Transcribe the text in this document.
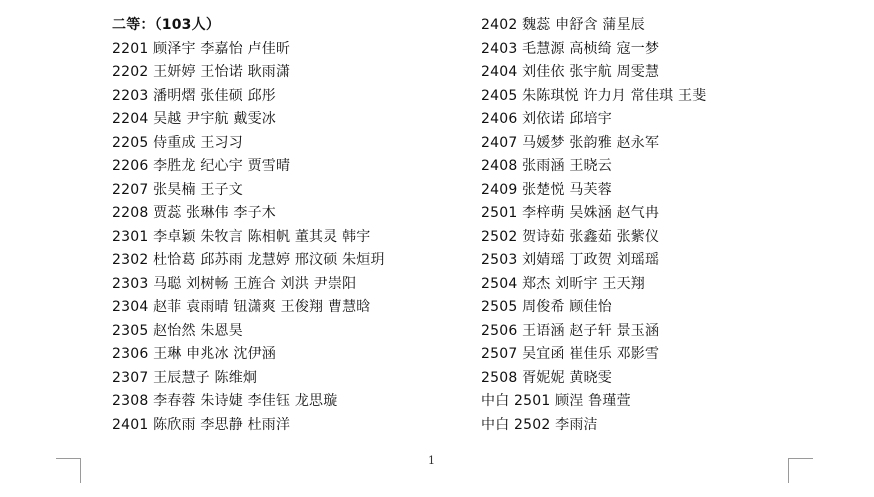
二等：（103人）
2201 顾泽宇 李嘉怡 卢佳昕
2202 王妍婷 王怡诺 耿雨潇
2203 潘明熠 张佳硕 邱彤
2204 吴越 尹宇航 戴雯冰
2205 侍重成 王习习
2206 李胜龙 纪心宇 贾雪晴
2207 张昊楠 王子文
2208 贾蕊 张琳伟 李子木
2301 李卓颖 朱牧言 陈相帆 董其灵 韩宇
2302 杜恰葛 邱苏雨 龙慧婷 邢汶硕 朱烜玥
2303 马聪 刘树畅 王旌合 刘洪 尹崇阳
2304 赵菲 袁雨晴 钮潇爽 王俊翔 曹慧晗
2305 赵怡然 朱恩昊
2306 王琳 申兆冰 沈伊涵
2307 王辰慧子 陈维炯
2308 李春蓉 朱诗婕 李佳钰 龙思璇
2401 陈欣雨 李思静 杜雨洋
2402 魏蕊 申舒含 蒲星辰
2403 毛慧源 高桢绮 寇一梦
2404 刘佳依 张宇航 周雯慧
2405 朱陈琪悦 许力月 常佳琪 王斐
2406 刘依诺 邱培宇
2407 马媛梦 张韵雅 赵永军
2408 张雨涵 王晓云
2409 张楚悦 马芙蓉
2501 李梓萌 吴姝涵 赵气冉
2502 贺诗茹 张鑫茹 张紫仪
2503 刘婧瑶 丁政贺 刘瑶瑶
2504 郑杰 刘昕宇 王天翔
2505 周俊希 顾佳怡
2506 王语涵 赵子轩 景玉涵
2507 吴宜函 崔佳乐 邓影雪
2508 胥妮妮 黄晓雯
中白 2501 顾浧 鲁瑾萱
中白 2502 李雨洁
1
